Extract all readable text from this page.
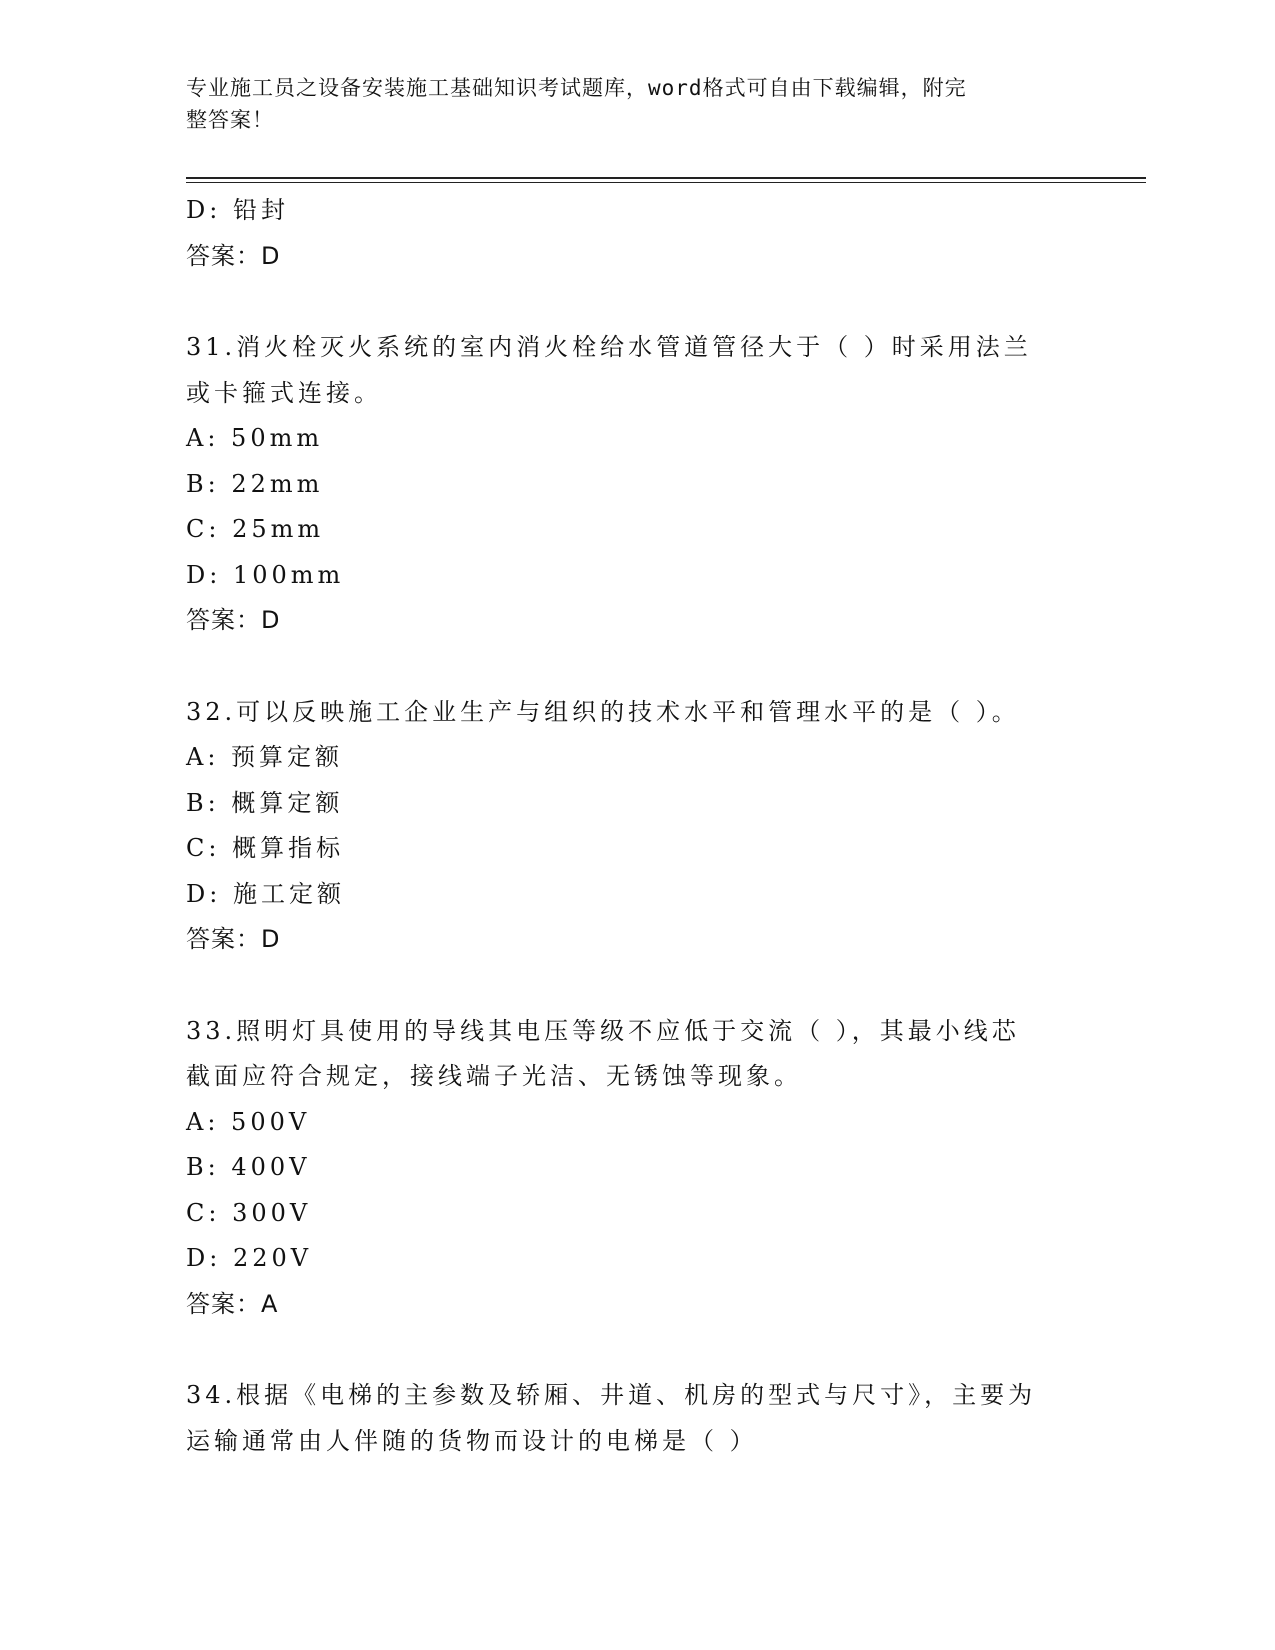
专业施工员之设备安装施工基础知识考试题库，word格式可自由下载编辑，附完
整答案！
D: 铅封
答案：D
31.消火栓灭火系统的室内消火栓给水管道管径大于（ ）时采用法兰
或卡箍式连接。
A: 50mm
B: 22mm
C: 25mm
D: 100mm
答案：D
32.可以反映施工企业生产与组织的技术水平和管理水平的是（ ）。
A: 预算定额
B: 概算定额
C: 概算指标
D: 施工定额
答案：D
33.照明灯具使用的导线其电压等级不应低于交流（ ），其最小线芯
截面应符合规定，接线端子光洁、无锈蚀等现象。
A: 500V
B: 400V
C: 300V
D: 220V
答案：A
34.根据《电梯的主参数及轿厢、井道、机房的型式与尺寸》，主要为
运输通常由人伴随的货物而设计的电梯是（ ）
